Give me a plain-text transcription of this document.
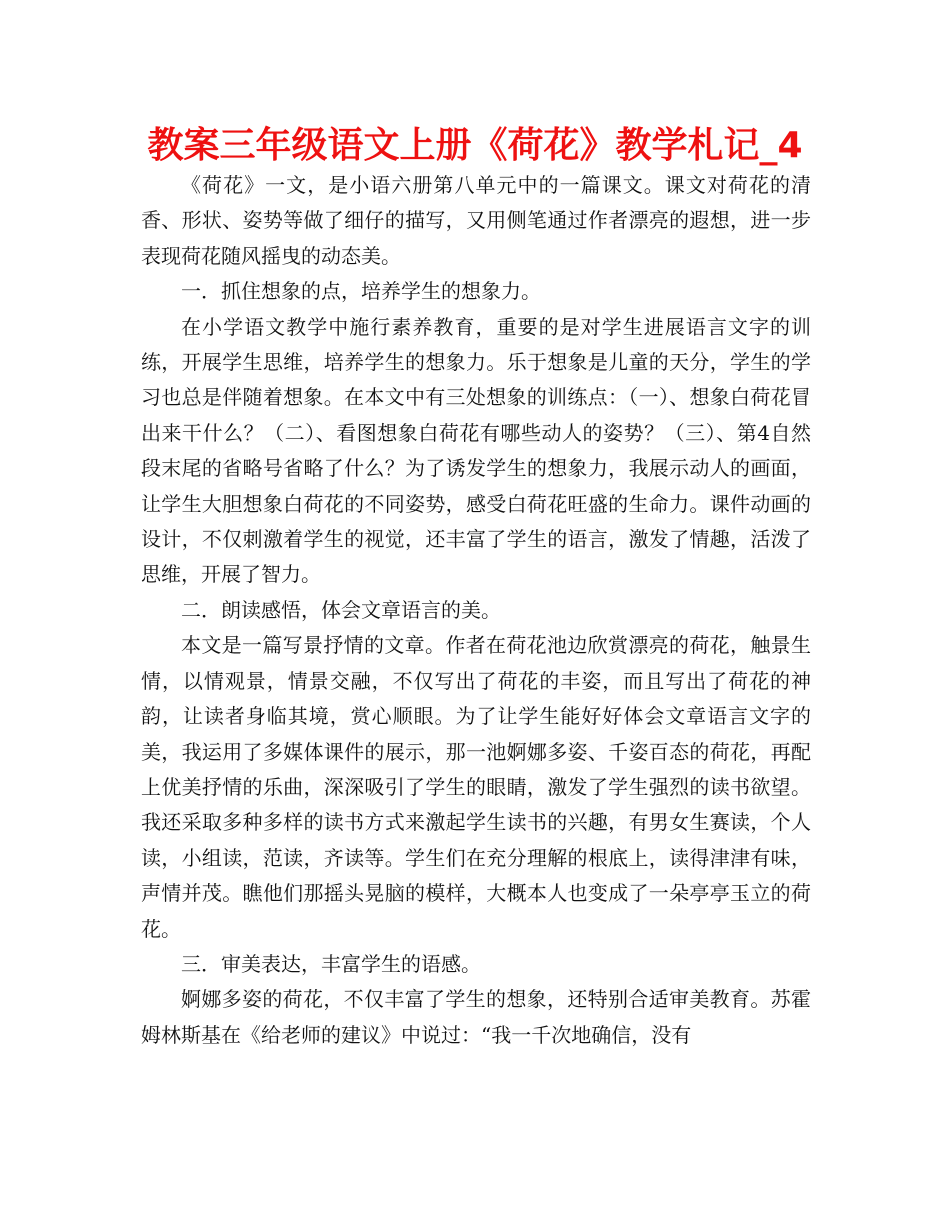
教案三年级语文上册《荷花》教学札记_4

《荷花》一文，是小语六册第八单元中的一篇课文。课文对荷花的清香、形状、姿势等做了细仔的描写，又用侧笔通过作者漂亮的遐想，进一步表现荷花随风摇曳的动态美。

一．抓住想象的点，培养学生的想象力。

在小学语文教学中施行素养教育，重要的是对学生进展语言文字的训练，开展学生思维，培养学生的想象力。乐于想象是儿童的天分，学生的学习也总是伴随着想象。在本文中有三处想象的训练点：（一）、想象白荷花冒出来干什么？（二）、看图想象白荷花有哪些动人的姿势？（三）、第4自然段末尾的省略号省略了什么？为了诱发学生的想象力，我展示动人的画面，让学生大胆想象白荷花的不同姿势，感受白荷花旺盛的生命力。课件动画的设计，不仅刺激着学生的视觉，还丰富了学生的语言，激发了情趣，活泼了思维，开展了智力。

二．朗读感悟，体会文章语言的美。

本文是一篇写景抒情的文章。作者在荷花池边欣赏漂亮的荷花，触景生情，以情观景，情景交融，不仅写出了荷花的丰姿，而且写出了荷花的神韵，让读者身临其境，赏心顺眼。为了让学生能好好体会文章语言文字的美，我运用了多媒体课件的展示，那一池婀娜多姿、千姿百态的荷花，再配上优美抒情的乐曲，深深吸引了学生的眼睛，激发了学生强烈的读书欲望。我还采取多种多样的读书方式来激起学生读书的兴趣，有男女生赛读，个人读，小组读，范读，齐读等。学生们在充分理解的根底上，读得津津有味，声情并茂。瞧他们那摇头晃脑的模样，大概本人也变成了一朵亭亭玉立的荷花。

三．审美表达，丰富学生的语感。

婀娜多姿的荷花，不仅丰富了学生的想象，还特别合适审美教育。苏霍姆林斯基在《给老师的建议》中说过：“我一千次地确信，没有
